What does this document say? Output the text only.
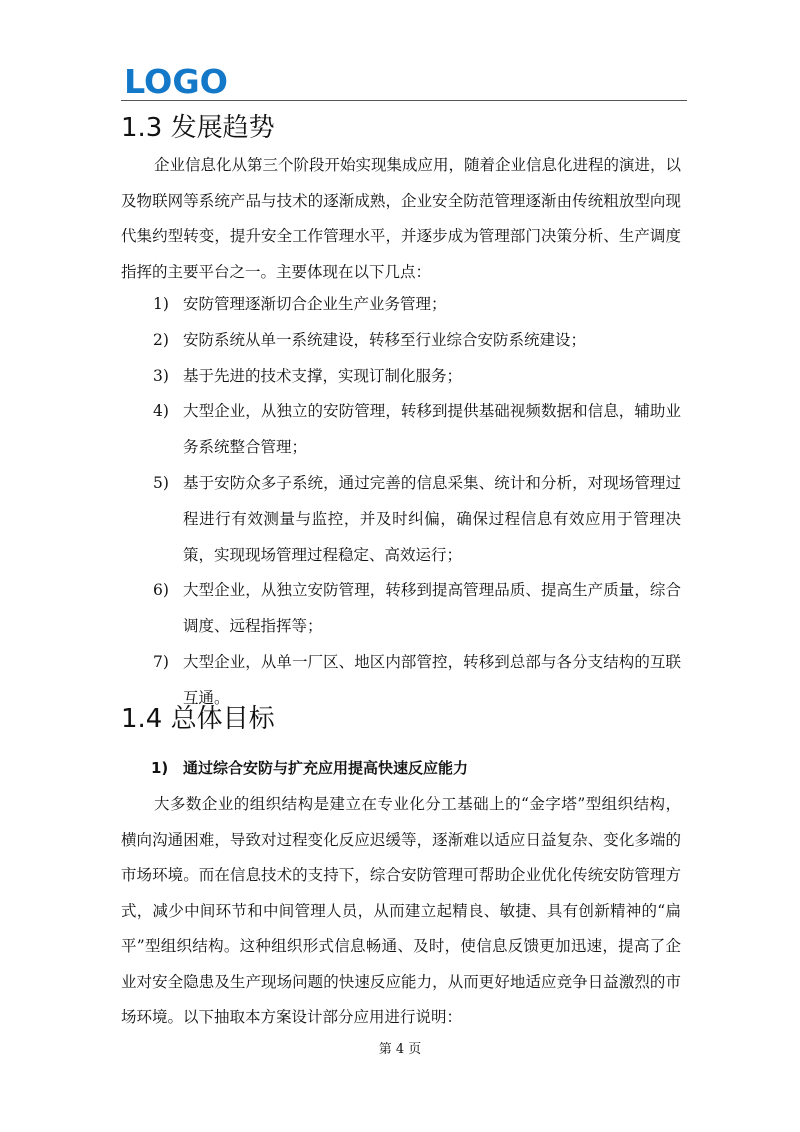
LOGO
1.3 发展趋势

企业信息化从第三个阶段开始实现集成应用，随着企业信息化进程的演进，以及物联网等系统产品与技术的逐渐成熟，企业安全防范管理逐渐由传统粗放型向现代集约型转变，提升安全工作管理水平，并逐步成为管理部门决策分析、生产调度指挥的主要平台之一。主要体现在以下几点：

1) 安防管理逐渐切合企业生产业务管理；
2) 安防系统从单一系统建设，转移至行业综合安防系统建设；
3) 基于先进的技术支撑，实现订制化服务；
4) 大型企业，从独立的安防管理，转移到提供基础视频数据和信息，辅助业务系统整合管理；
5) 基于安防众多子系统，通过完善的信息采集、统计和分析，对现场管理过程进行有效测量与监控，并及时纠偏，确保过程信息有效应用于管理决策，实现现场管理过程稳定、高效运行；
6) 大型企业，从独立安防管理，转移到提高管理品质、提高生产质量，综合调度、远程指挥等；
7) 大型企业，从单一厂区、地区内部管控，转移到总部与各分支结构的互联互通。
1.4 总体目标
1) 通过综合安防与扩充应用提高快速反应能力

大多数企业的组织结构是建立在专业化分工基础上的“金字塔”型组织结构，横向沟通困难，导致对过程变化反应迟缓等，逐渐难以适应日益复杂、变化多端的市场环境。而在信息技术的支持下，综合安防管理可帮助企业优化传统安防管理方式，减少中间环节和中间管理人员，从而建立起精良、敏捷、具有创新精神的“扁平”型组织结构。这种组织形式信息畅通、及时，使信息反馈更加迅速，提高了企业对安全隐患及生产现场问题的快速反应能力，从而更好地适应竞争日益激烈的市场环境。以下抽取本方案设计部分应用进行说明：

第 4 页
